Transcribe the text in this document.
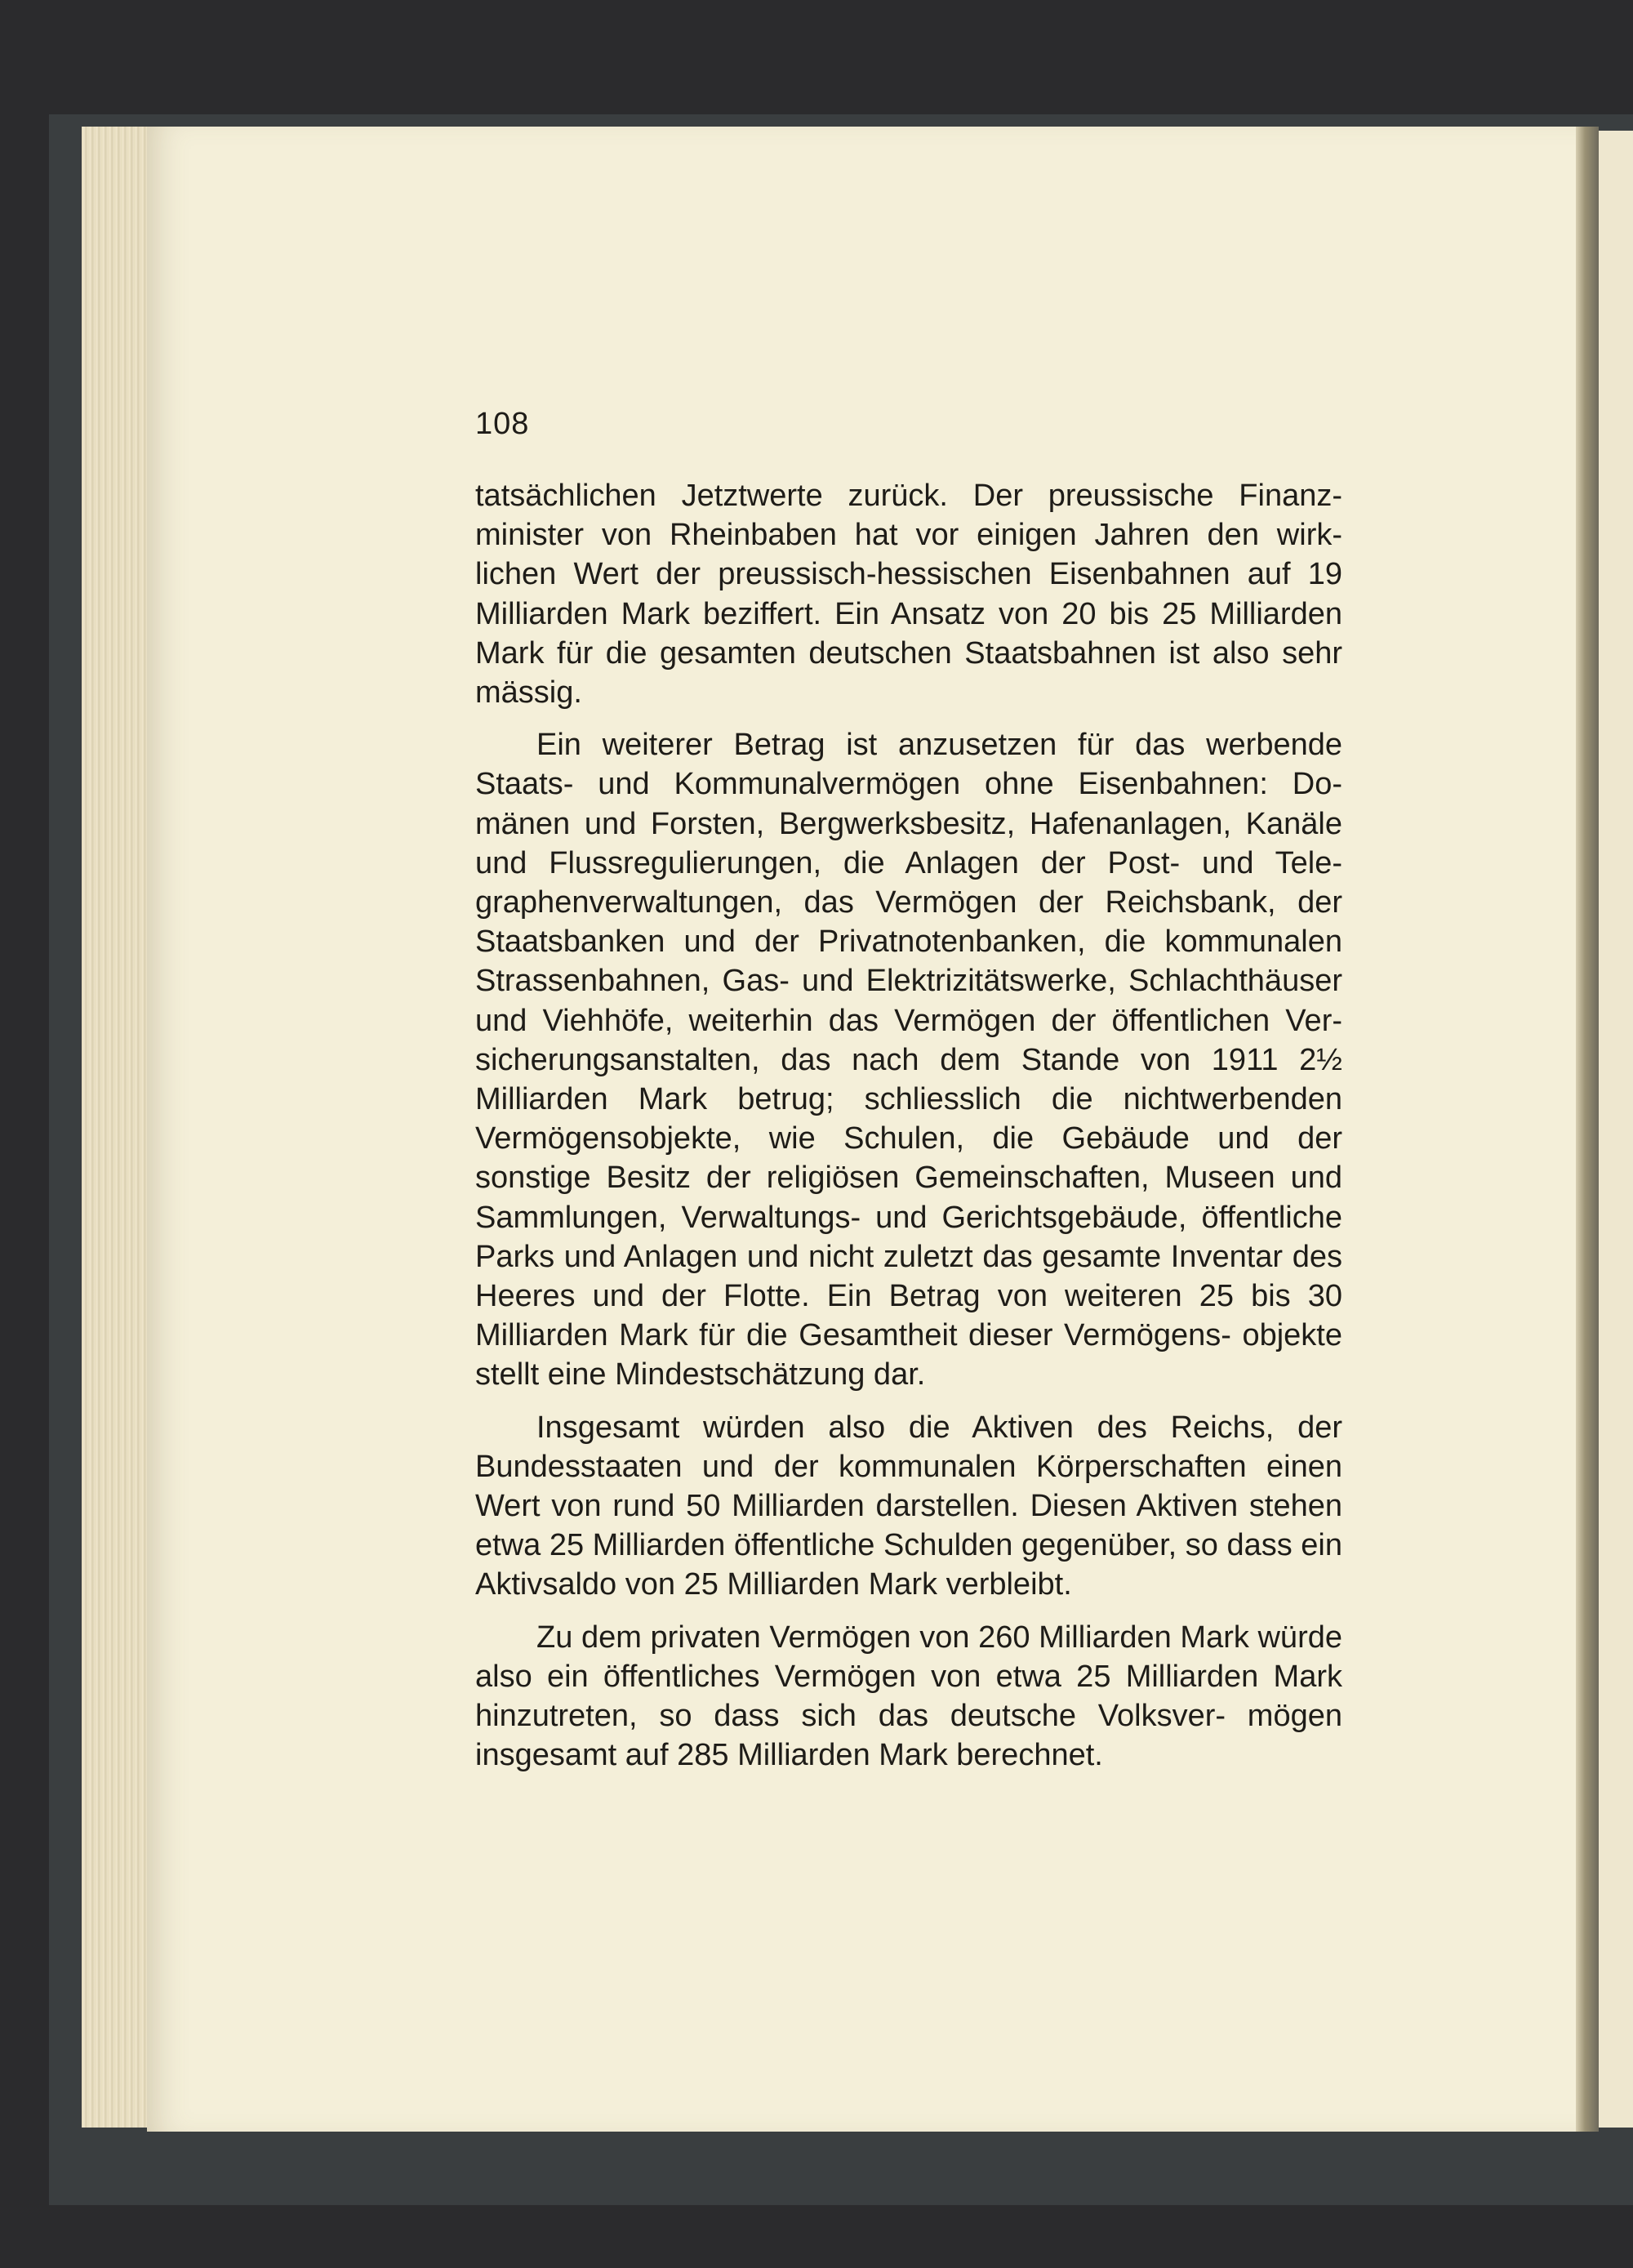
108

tatsächlichen Jetztwerte zurück. Der preussische Finanz- minister von Rheinbaben hat vor einigen Jahren den wirk- lichen Wert der preussisch-hessischen Eisenbahnen auf 19 Milliarden Mark beziffert. Ein Ansatz von 20 bis 25 Milliarden Mark für die gesamten deutschen Staatsbahnen ist also sehr mässig.

Ein weiterer Betrag ist anzusetzen für das werbende Staats- und Kommunalvermögen ohne Eisenbahnen: Do- mänen und Forsten, Bergwerksbesitz, Hafenanlagen, Kanäle und Flussregulierungen, die Anlagen der Post- und Tele- graphenverwaltungen, das Vermögen der Reichsbank, der Staatsbanken und der Privatnotenbanken, die kommunalen Strassenbahnen, Gas- und Elektrizitätswerke, Schlachthäuser und Viehhöfe, weiterhin das Vermögen der öffentlichen Ver- sicherungsanstalten, das nach dem Stande von 1911 2½ Milliarden Mark betrug; schliesslich die nichtwerbenden Vermögensobjekte, wie Schulen, die Gebäude und der sonstige Besitz der religiösen Gemeinschaften, Museen und Sammlungen, Verwaltungs- und Gerichtsgebäude, öffentliche Parks und Anlagen und nicht zuletzt das gesamte Inventar des Heeres und der Flotte. Ein Betrag von weiteren 25 bis 30 Milliarden Mark für die Gesamtheit dieser Vermögens- objekte stellt eine Mindestschätzung dar.

Insgesamt würden also die Aktiven des Reichs, der Bundesstaaten und der kommunalen Körperschaften einen Wert von rund 50 Milliarden darstellen. Diesen Aktiven stehen etwa 25 Milliarden öffentliche Schulden gegenüber, so dass ein Aktivsaldo von 25 Milliarden Mark verbleibt.

Zu dem privaten Vermögen von 260 Milliarden Mark würde also ein öffentliches Vermögen von etwa 25 Milliarden Mark hinzutreten, so dass sich das deutsche Volksver- mögen insgesamt auf 285 Milliarden Mark berechnet.
